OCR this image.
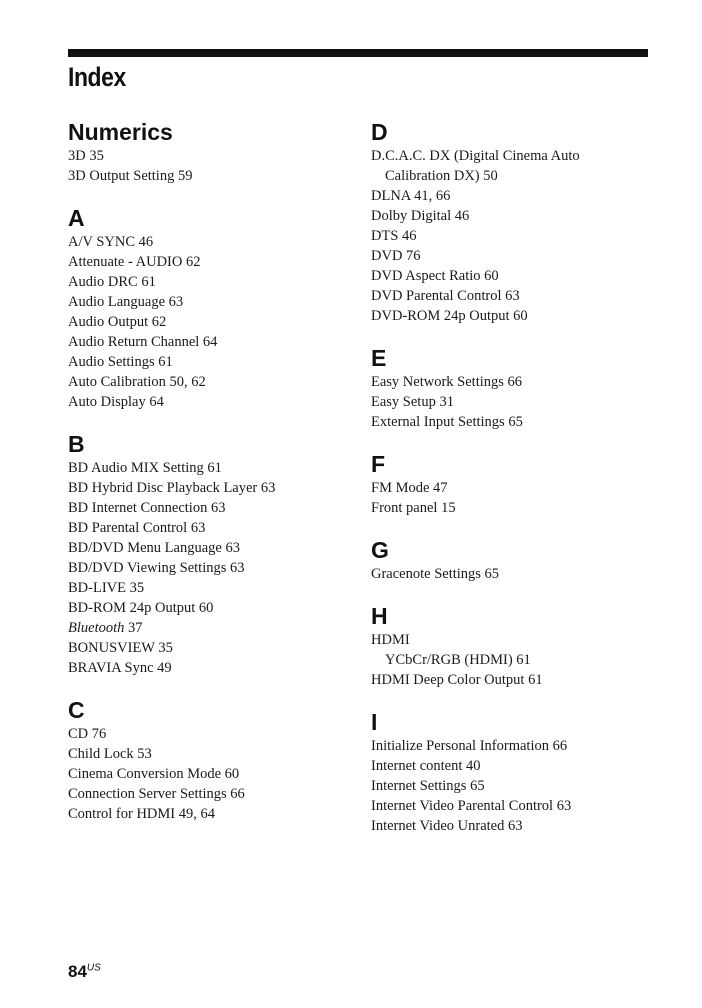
Index
Numerics
3D 35
3D Output Setting 59
A
A/V SYNC 46
Attenuate - AUDIO 62
Audio DRC 61
Audio Language 63
Audio Output 62
Audio Return Channel 64
Audio Settings 61
Auto Calibration 50, 62
Auto Display 64
B
BD Audio MIX Setting 61
BD Hybrid Disc Playback Layer 63
BD Internet Connection 63
BD Parental Control 63
BD/DVD Menu Language 63
BD/DVD Viewing Settings 63
BD-LIVE 35
BD-ROM 24p Output 60
Bluetooth 37
BONUSVIEW 35
BRAVIA Sync 49
C
CD 76
Child Lock 53
Cinema Conversion Mode 60
Connection Server Settings 66
Control for HDMI 49, 64
D
D.C.A.C. DX (Digital Cinema Auto
Calibration DX) 50
DLNA 41, 66
Dolby Digital 46
DTS 46
DVD 76
DVD Aspect Ratio 60
DVD Parental Control 63
DVD-ROM 24p Output 60
E
Easy Network Settings 66
Easy Setup 31
External Input Settings 65
F
FM Mode 47
Front panel 15
G
Gracenote Settings 65
H
HDMI
YCbCr/RGB (HDMI) 61
HDMI Deep Color Output 61
I
Initialize Personal Information 66
Internet content 40
Internet Settings 65
Internet Video Parental Control 63
Internet Video Unrated 63
$84^{US}$
